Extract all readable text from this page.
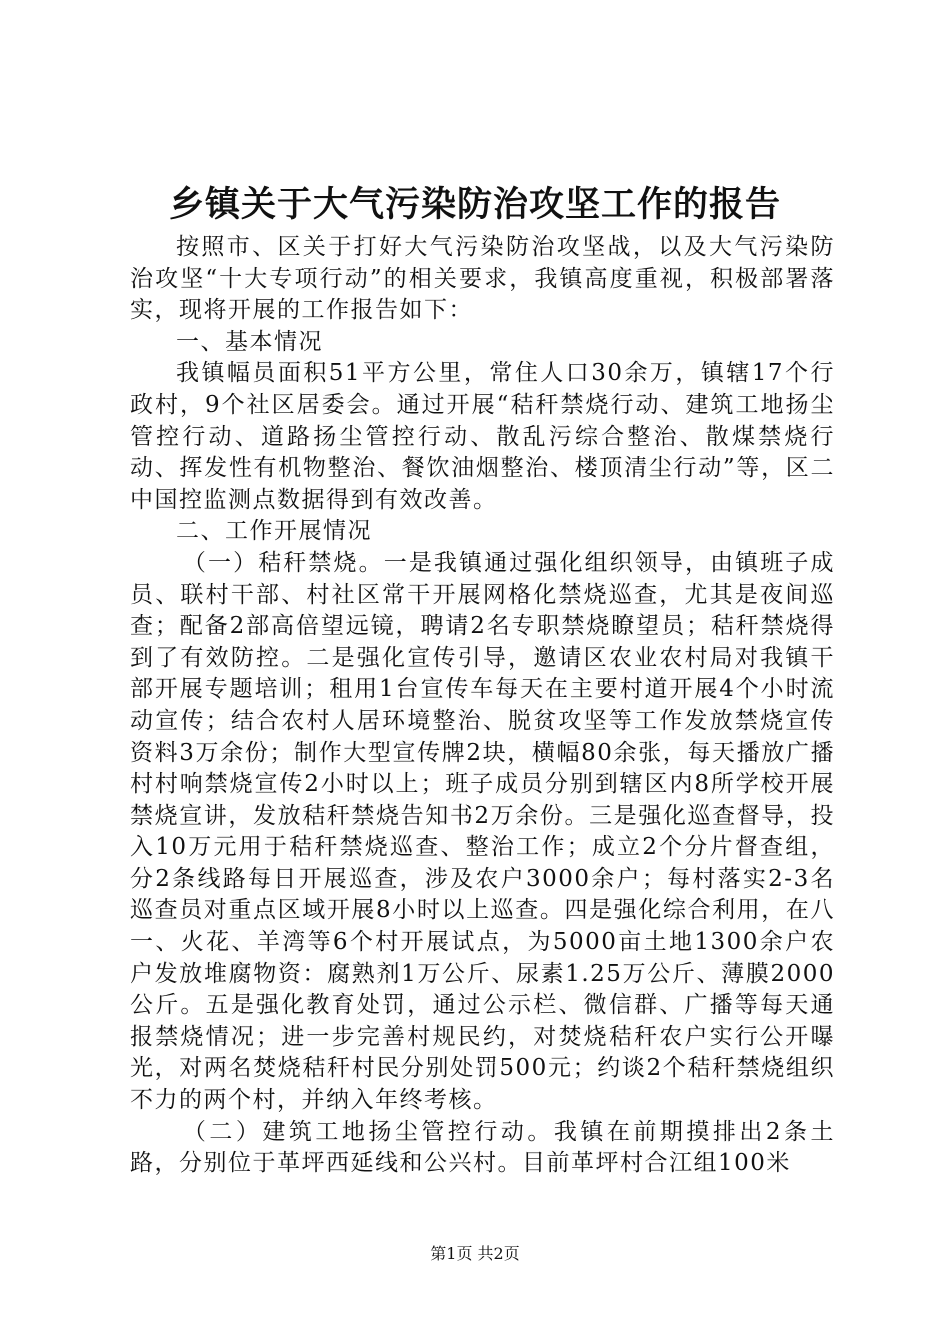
乡镇关于大气污染防治攻坚工作的报告

按照市、区关于打好大气污染防治攻坚战，以及大气污染防治攻坚“十大专项行动”的相关要求，我镇高度重视，积极部署落实，现将开展的工作报告如下：

一、基本情况

我镇幅员面积51平方公里，常住人口30余万，镇辖17个行政村，9个社区居委会。通过开展“秸秆禁烧行动、建筑工地扬尘管控行动、道路扬尘管控行动、散乱污综合整治、散煤禁烧行动、挥发性有机物整治、餐饮油烟整治、楼顶清尘行动”等，区二中国控监测点数据得到有效改善。

二、工作开展情况

（一）秸秆禁烧。一是我镇通过强化组织领导，由镇班子成员、联村干部、村社区常干开展网格化禁烧巡查，尤其是夜间巡查；配备2部高倍望远镜，聘请2名专职禁烧瞭望员；秸秆禁烧得到了有效防控。二是强化宣传引导，邀请区农业农村局对我镇干部开展专题培训；租用1台宣传车每天在主要村道开展4个小时流动宣传；结合农村人居环境整治、脱贫攻坚等工作发放禁烧宣传资料3万余份；制作大型宣传牌2块，横幅80余张，每天播放广播村村响禁烧宣传2小时以上；班子成员分别到辖区内8所学校开展禁烧宣讲，发放秸秆禁烧告知书2万余份。三是强化巡查督导，投入10万元用于秸秆禁烧巡查、整治工作；成立2个分片督查组，分2条线路每日开展巡查，涉及农户3000余户；每村落实2-3名巡查员对重点区域开展8小时以上巡查。四是强化综合利用，在八一、火花、羊湾等6个村开展试点，为5000亩土地1300余户农户发放堆腐物资：腐熟剂1万公斤、尿素1.25万公斤、薄膜2000公斤。五是强化教育处罚，通过公示栏、微信群、广播等每天通报禁烧情况；进一步完善村规民约，对焚烧秸秆农户实行公开曝光，对两名焚烧秸秆村民分别处罚500元；约谈2个秸秆禁烧组织不力的两个村，并纳入年终考核。

（二）建筑工地扬尘管控行动。我镇在前期摸排出2条土路，分别位于革坪西延线和公兴村。目前革坪村合江组100米

第1页 共2页
